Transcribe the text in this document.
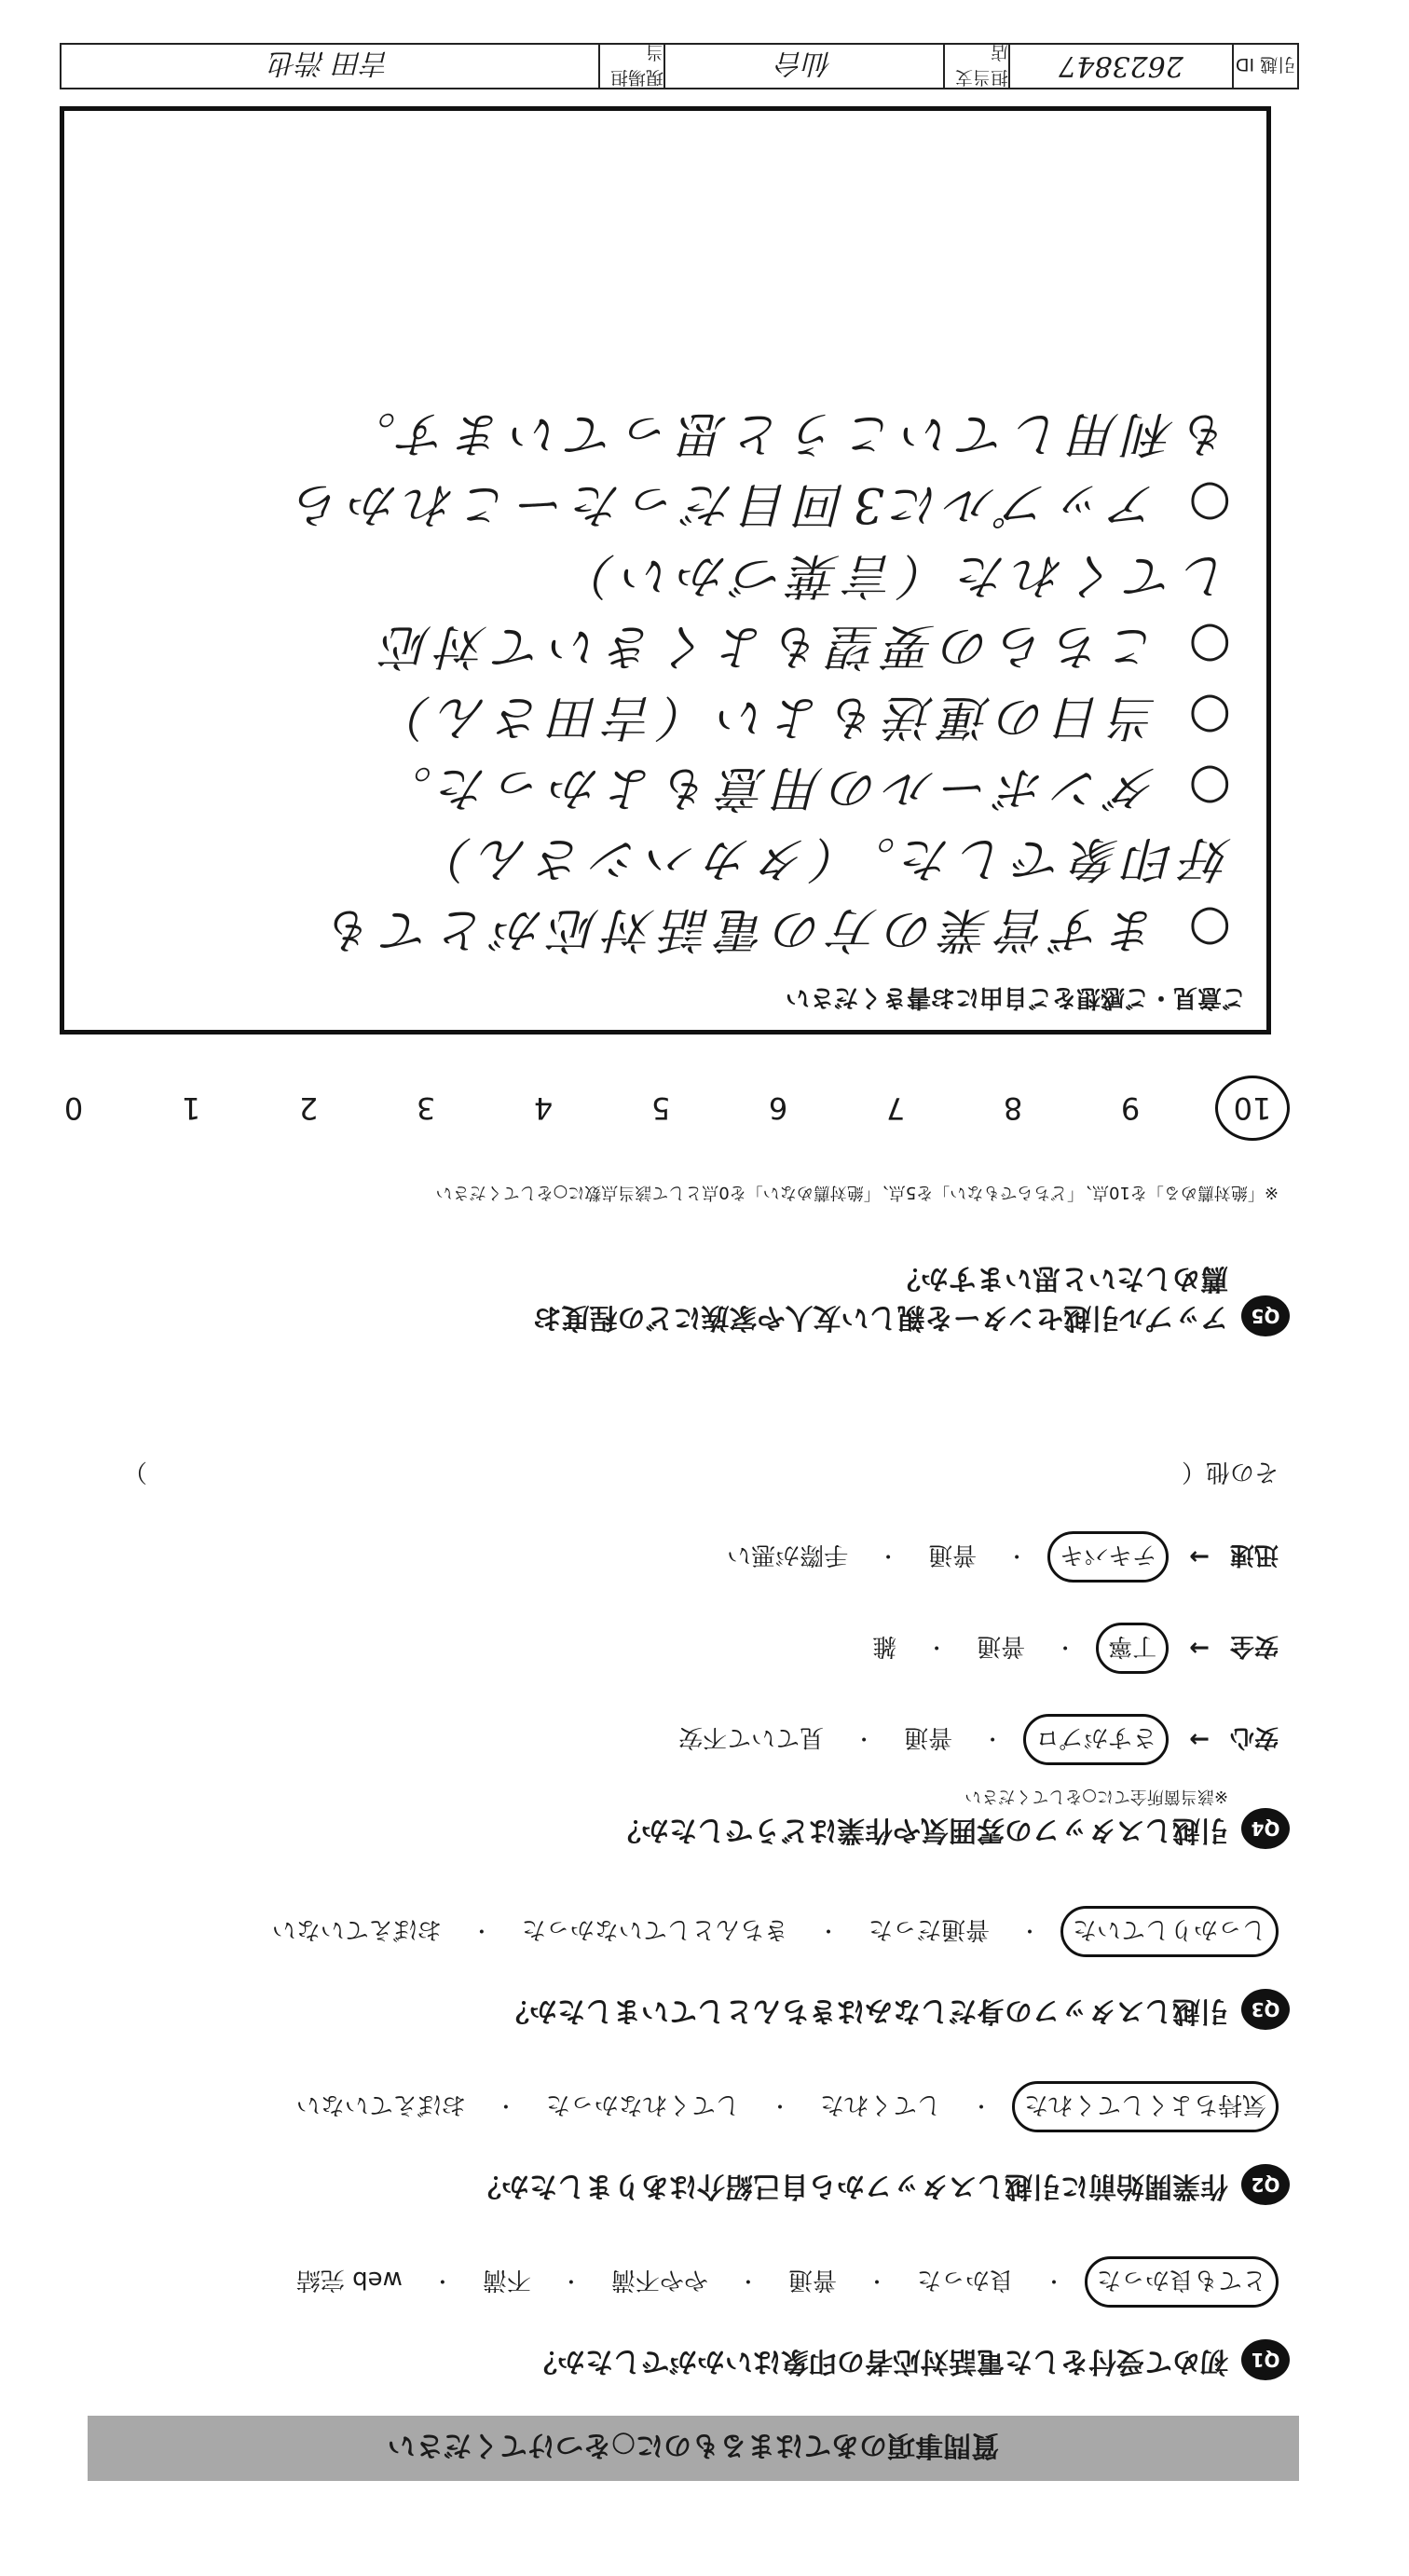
質問事項のあてはまるものに○をつけてください
Q1
初めて受付をした電話対応者の印象はいかがでしたか？
とても良かった
・
良かった
・
普通
・
やや不満
・
不満
・
web 完結
Q2
作業開始前に引越しスタッフから自己紹介はありましたか？
気持ちよくしてくれた
・
してくれた
・
してくれなかった
・
おぼえていない
Q3
引越しスタッフの身だしなみはきちんとしていましたか？
しっかりしていた
・
普通だった
・
きちんとしていなかった
・
おぼえていない
Q4
引越しスタッフの雰囲気や作業はどうでしたか？
※該当箇所全てに○をしてください
安心
→
さすがプロ
・
普通
・
見ていて不安
安全
→
丁寧
・
普通
・
雑
迅速
→
テキパキ
・
普通
・
手際が悪い
その他（
）
Q5
アップル引越センターを親しい友人や家族にどの程度お薦めしたいと思いますか？
※「絶対薦める」を10点、「どちらでもない」を5点、「絶対薦めない」を0点として該当点数に○をしてください
10
9
8
7
6
5
4
3
2
1
0
ご意見・ご感想をご自由にお書きください
○ まず営業の方の電話対応がとても
好印象でした。（タカハシさん）
○ ダンボールの用意もよかった。
○ 当日の運送もよい（吉田さん）
○ こちらの要望もよくきいて対応
してくれた（言葉づかい）
○ アップルに3回目だったーこれから
も利用していこうと思っています。
引越 ID
2623847
担当支店
仙台
現場担当
吉田 浩也
